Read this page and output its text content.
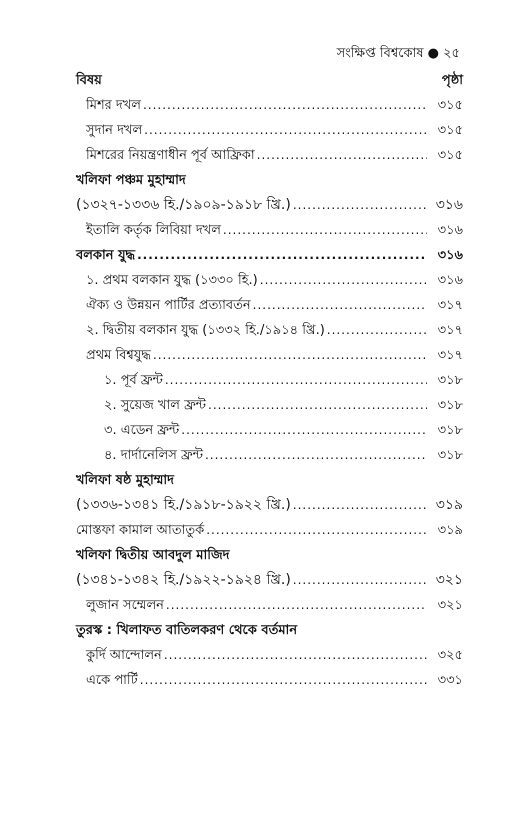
সংক্ষিপ্ত বিশ্বকোষ ● ২৫
বিষয়	পৃষ্ঠা
মিশর দখল .....	৩১৫
সুদান দখল .....	৩১৫
মিশরের নিয়ন্ত্রণাধীন পূর্ব আফ্রিকা .....	৩১৫
খলিফা পঞ্চম মুহাম্মাদ
(১৩২৭-১৩৩৬ হি./১৯০৯-১৯১৮ খ্রি.) .....	৩১৬
ইতালি কর্তৃক লিবিয়া দখল .....	৩১৬
বলকান যুদ্ধ .....	৩১৬
১. প্রথম বলকান যুদ্ধ (১৩৩০ হি.) .....	৩১৬
ঐক্য ও উন্নয়ন পার্টির প্রত্যাবর্তন .....	৩১৭
২. দ্বিতীয় বলকান যুদ্ধ (১৩৩২ হি./১৯১৪ খ্রি.) .....	৩১৭
প্রথম বিশ্বযুদ্ধ .....	৩১৭
১. পূর্ব ফ্রন্ট .....	৩১৮
২. সুয়েজ খাল ফ্রন্ট .....	৩১৮
৩. এডেন ফ্রন্ট .....	৩১৮
৪. দার্দানেলিস ফ্রন্ট .....	৩১৮
খলিফা ষষ্ঠ মুহাম্মাদ
(১৩৩৬-১৩৪১ হি./১৯১৮-১৯২২ খ্রি.) .....	৩১৯
মোস্তফা কামাল আতাতুর্ক .....	৩১৯
খলিফা দ্বিতীয় আবদুল মাজিদ
(১৩৪১-১৩৪২ হি./১৯২২-১৯২৪ খ্রি.) .....	৩২১
লুজান সম্মেলন .....	৩২১
তুরস্ক : খিলাফত বাতিলকরণ থেকে বর্তমান
কুর্দি আন্দোলন .....	৩২৫
একে পার্টি .....	৩৩১
